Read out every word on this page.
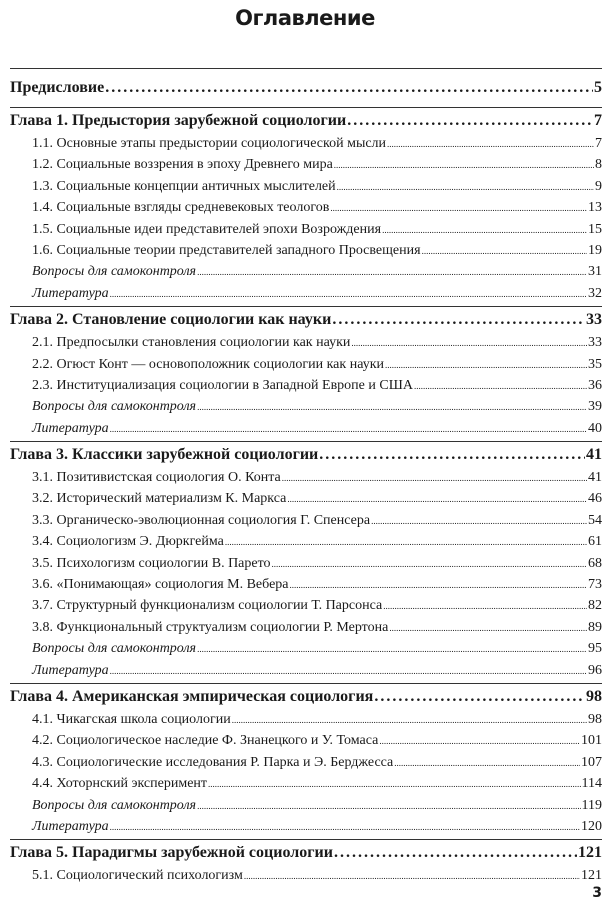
Оглавление
Предисловие .....	5
Глава 1. Предыстория зарубежной социологии .....	7
1.1. Основные этапы предыстории социологической мысли .....	7
1.2. Социальные воззрения в эпоху Древнего мира .....	8
1.3. Социальные концепции античных мыслителей .....	9
1.4. Социальные взгляды средневековых теологов .....	13
1.5. Социальные идеи представителей эпохи Возрождения .....	15
1.6. Социальные теории представителей западного Просвещения .....	19
Вопросы для самоконтроля .....	31
Литература .....	32
Глава 2. Становление социологии как науки .....	33
2.1. Предпосылки становления социологии как науки .....	33
2.2. Огюст Конт — основоположник социологии как науки .....	35
2.3. Институциализация социологии в Западной Европе и США .....	36
Вопросы для самоконтроля .....	39
Литература .....	40
Глава 3. Классики зарубежной социологии .....	41
3.1. Позитивистская социология О. Конта .....	41
3.2. Исторический материализм К. Маркса .....	46
3.3. Органическо-эволюционная социология Г. Спенсера .....	54
3.4. Социологизм Э. Дюркгейма .....	61
3.5. Психологизм социологии В. Парето .....	68
3.6. «Понимающая» социология М. Вебера .....	73
3.7. Структурный функционализм социологии Т. Парсонса .....	82
3.8. Функциональный структуализм социологии Р. Мертона .....	89
Вопросы для самоконтроля .....	95
Литература .....	96
Глава 4. Американская эмпирическая социология .....	98
4.1. Чикагская школа социологии .....	98
4.2. Социологическое наследие Ф. Знанецкого и У. Томаса .....	101
4.3. Социологические исследования Р. Парка и Э. Берджесса .....	107
4.4. Хоторнский эксперимент .....	114
Вопросы для самоконтроля .....	119
Литература .....	120
Глава 5. Парадигмы зарубежной социологии .....	121
5.1. Социологический психологизм .....	121
3
